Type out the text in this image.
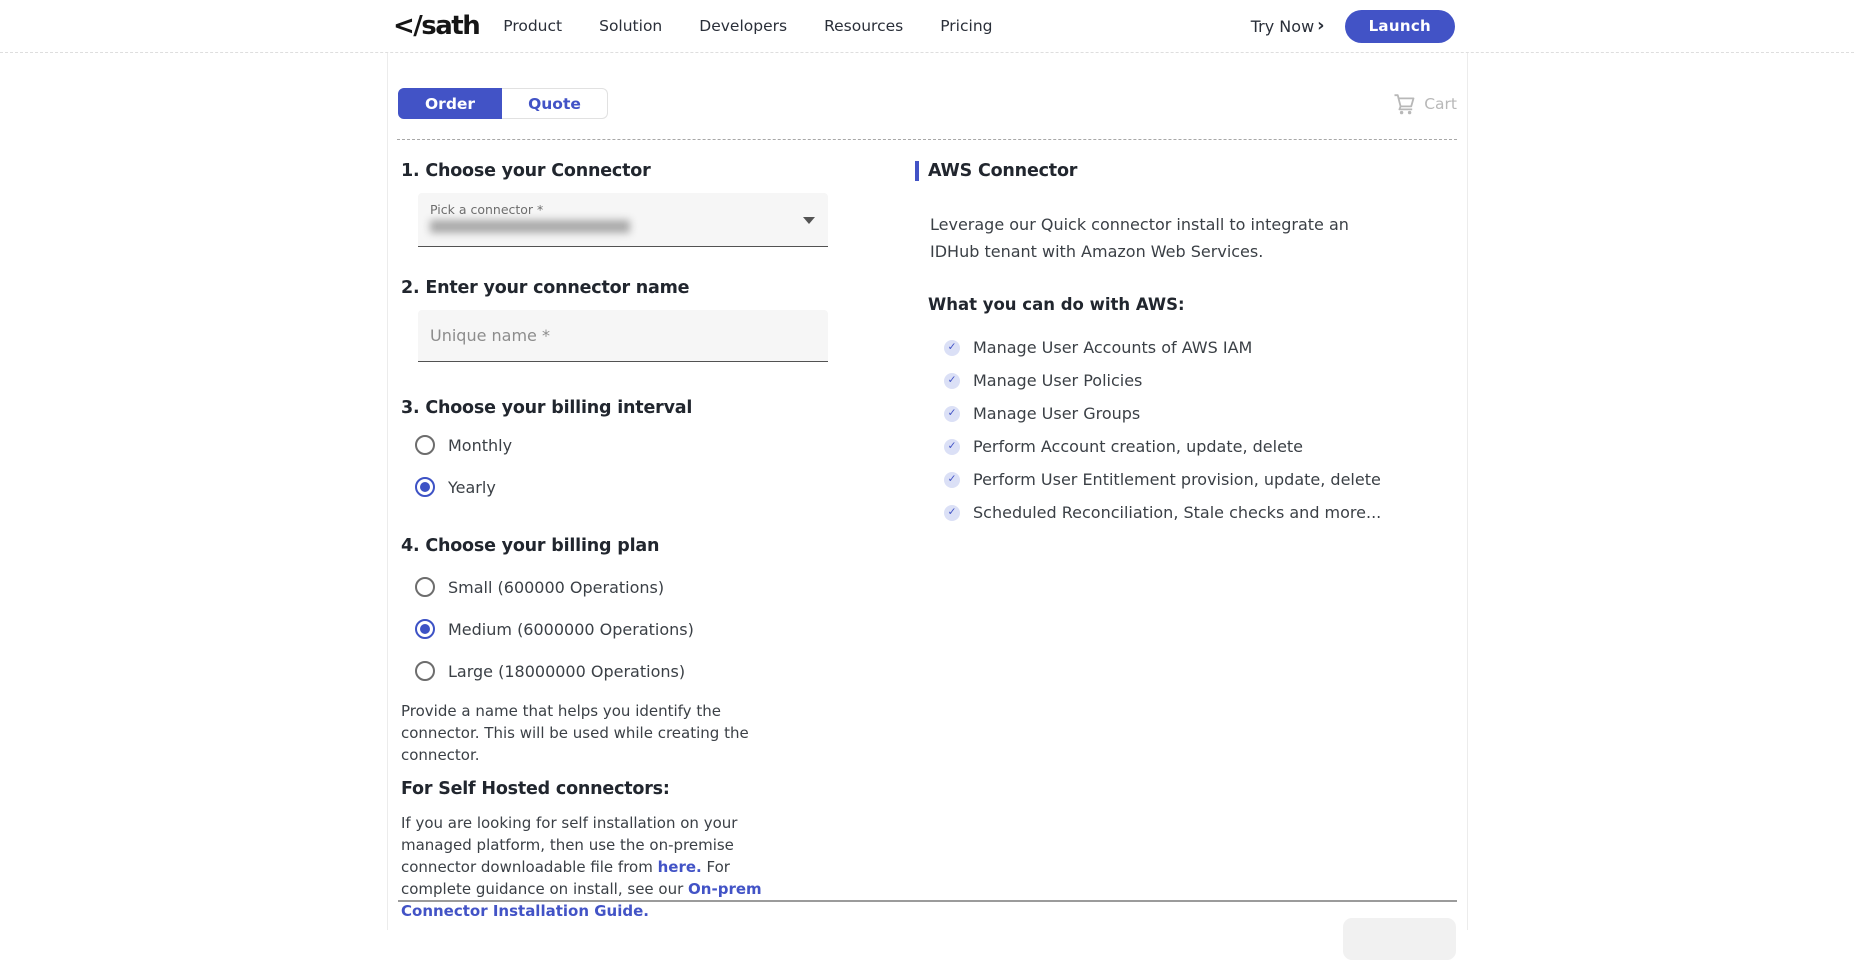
</sath Product Solution Developers Resources Pricing	Try Now ›	Launch
Order	Quote	Cart
1. Choose your Connector
Pick a connector *
2. Enter your connector name
Unique name *
3. Choose your billing interval
Monthly
Yearly
4. Choose your billing plan
Small (600000 Operations)
Medium (6000000 Operations)
Large (18000000 Operations)

Provide a name that helps you identify the connector. This will be used while creating the connector.

For Self Hosted connectors:

If you are looking for self installation on your managed platform, then use the on-premise connector downloadable file from here. For complete guidance on install, see our On-prem Connector Installation Guide.

AWS Connector

Leverage our Quick connector install to integrate an IDHub tenant with Amazon Web Services.

What you can do with AWS:
✓ Manage User Accounts of AWS IAM
✓ Manage User Policies
✓ Manage User Groups
✓ Perform Account creation, update, delete
✓ Perform User Entitlement provision, update, delete
✓ Scheduled Reconciliation, Stale checks and more...
